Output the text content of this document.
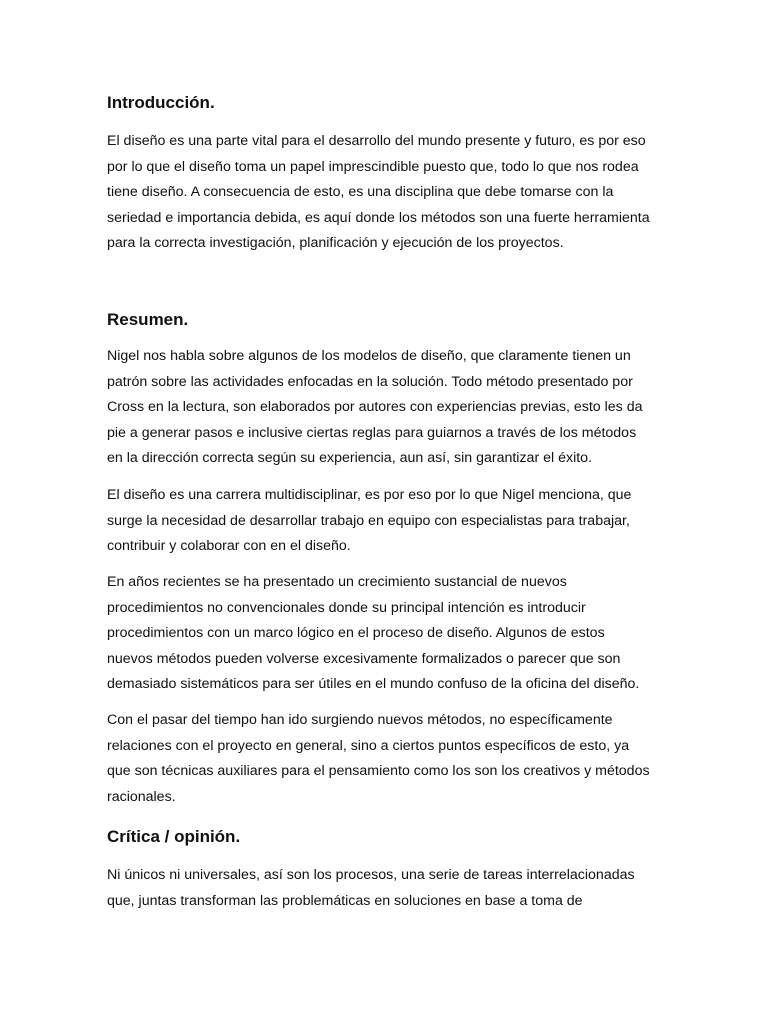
Introducción.

El diseño es una parte vital para el desarrollo del mundo presente y futuro, es por eso
por lo que el diseño toma un papel imprescindible puesto que, todo lo que nos rodea
tiene diseño. A consecuencia de esto, es una disciplina que debe tomarse con la
seriedad e importancia debida, es aquí donde los métodos son una fuerte herramienta
para la correcta investigación, planificación y ejecución de los proyectos.

Resumen.

Nigel nos habla sobre algunos de los modelos de diseño, que claramente tienen un
patrón sobre las actividades enfocadas en la solución. Todo método presentado por
Cross en la lectura, son elaborados por autores con experiencias previas, esto les da
pie a generar pasos e inclusive ciertas reglas para guiarnos a través de los métodos
en la dirección correcta según su experiencia, aun así, sin garantizar el éxito.

El diseño es una carrera multidisciplinar, es por eso por lo que Nigel menciona, que
surge la necesidad de desarrollar trabajo en equipo con especialistas para trabajar,
contribuir y colaborar con en el diseño.

En años recientes se ha presentado un crecimiento sustancial de nuevos
procedimientos no convencionales donde su principal intención es introducir
procedimientos con un marco lógico en el proceso de diseño. Algunos de estos
nuevos métodos pueden volverse excesivamente formalizados o parecer que son
demasiado sistemáticos para ser útiles en el mundo confuso de la oficina del diseño.

Con el pasar del tiempo han ido surgiendo nuevos métodos, no específicamente
relaciones con el proyecto en general, sino a ciertos puntos específicos de esto, ya
que son técnicas auxiliares para el pensamiento como los son los creativos y métodos
racionales.

Crítica / opinión.

Ni únicos ni universales, así son los procesos, una serie de tareas interrelacionadas
que, juntas transforman las problemáticas en soluciones en base a toma de
